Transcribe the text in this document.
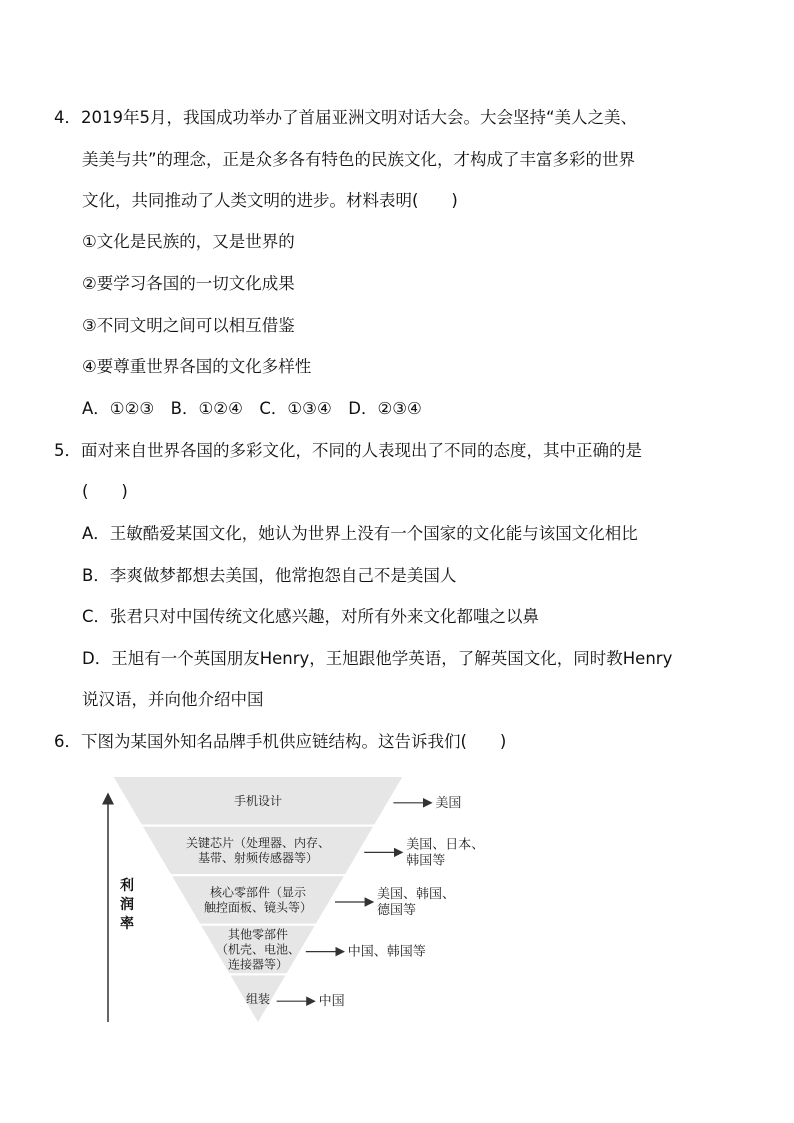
4．2019年5月，我国成功举办了首届亚洲文明对话大会。大会坚持“美人之美、
美美与共”的理念，正是众多各有特色的民族文化，才构成了丰富多彩的世界
文化，共同推动了人类文明的进步。材料表明(　　)
①文化是民族的，又是世界的
②要学习各国的一切文化成果
③不同文明之间可以相互借鉴
④要尊重世界各国的文化多样性
A．①②③　B．①②④　C．①③④　D．②③④
5．面对来自世界各国的多彩文化，不同的人表现出了不同的态度，其中正确的是
(　　)
A．王敏酷爱某国文化，她认为世界上没有一个国家的文化能与该国文化相比
B．李爽做梦都想去美国，他常抱怨自己不是美国人
C．张君只对中国传统文化感兴趣，对所有外来文化都嗤之以鼻
D．王旭有一个英国朋友Henry，王旭跟他学英语，了解英国文化，同时教Henry
说汉语，并向他介绍中国
6．下图为某国外知名品牌手机供应链结构。这告诉我们(　　)
利
润
率
手机设计	美国
关键芯片（处理器、内存、
基带、射频传感器等）
美国、日本、
韩国等
核心零部件（显示
触控面板、镜头等）
美国、韩国、
德国等
其他零部件
（机壳、电池、
连接器等）
中国、韩国等
组装	中国
